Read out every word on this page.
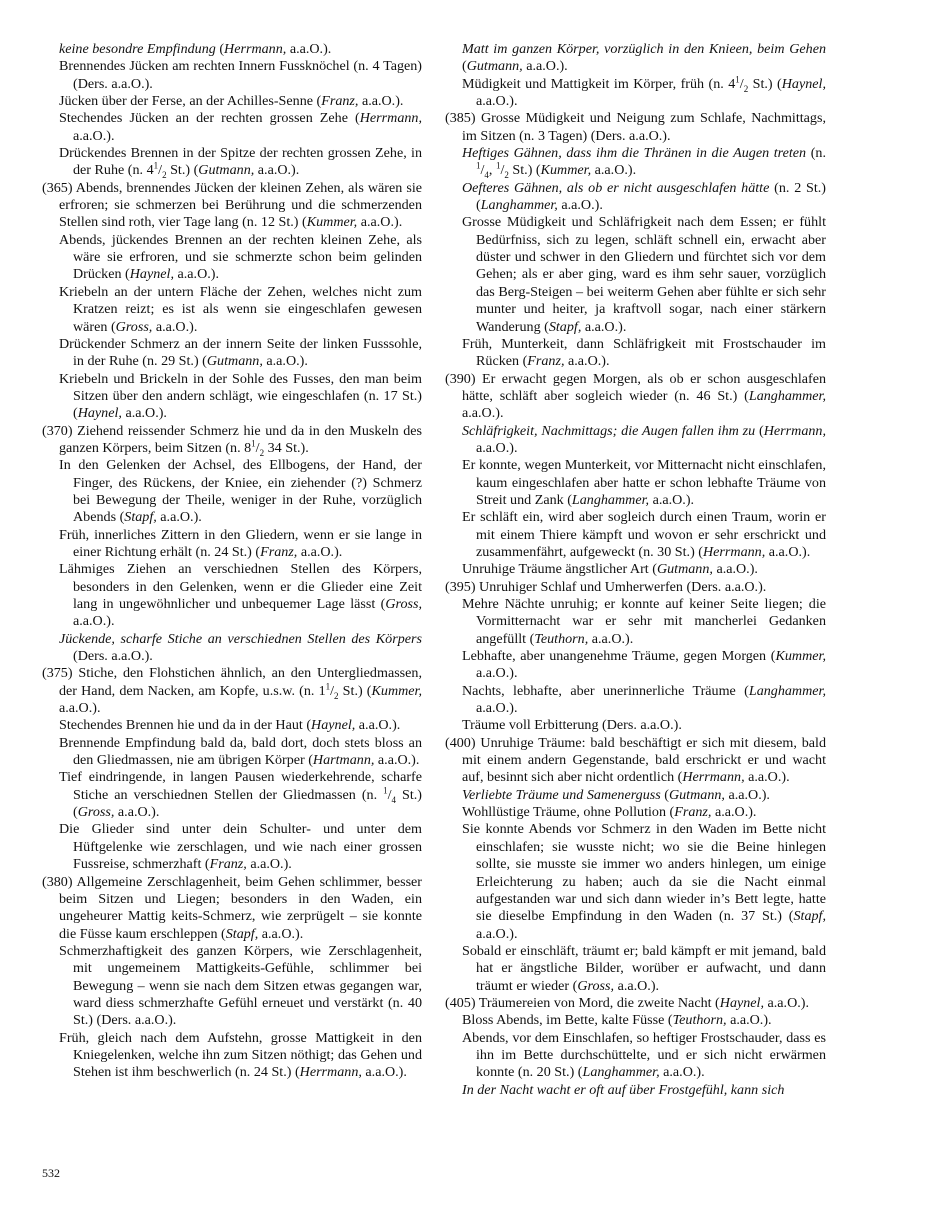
keine besondre Empfindung (Herrmann, a.a.O.).

Brennendes Jücken am rechten Innern Fussknöchel (n. 4 Tagen) (Ders. a.a.O.).

Jücken über der Ferse, an der Achilles-Senne (Franz, a.a.O.).

Stechendes Jücken an der rechten grossen Zehe (Herrmann, a.a.O.).

Drückendes Brennen in der Spitze der rechten grossen Zehe, in der Ruhe (n. $4^1/_2$ St.) (Gutmann, a.a.O.).

(365) Abends, brennendes Jücken der kleinen Zehen, als wären sie erfroren; sie schmerzen bei Berührung und die schmerzenden Stellen sind roth, vier Tage lang (n. 12 St.) (Kummer, a.a.O.).

Abends, jückendes Brennen an der rechten kleinen Zehe, als wäre sie erfroren, und sie schmerzte schon beim gelinden Drücken (Haynel, a.a.O.).

Kriebeln an der untern Fläche der Zehen, welches nicht zum Kratzen reizt; es ist als wenn sie eingeschlafen gewesen wären (Gross, a.a.O.).

Drückender Schmerz an der innern Seite der linken Fusssohle, in der Ruhe (n. 29 St.) (Gutmann, a.a.O.).

Kriebeln und Brickeln in der Sohle des Fusses, den man beim Sitzen über den andern schlägt, wie eingeschlafen (n. 17 St.) (Haynel, a.a.O.).

(370) Ziehend reissender Schmerz hie und da in den Muskeln des ganzen Körpers, beim Sitzen (n. $8^1/_2$ 34 St.).

In den Gelenken der Achsel, des Ellbogens, der Hand, der Finger, des Rückens, der Kniee, ein ziehender (?) Schmerz bei Bewegung der Theile, weniger in der Ruhe, vorzüglich Abends (Stapf, a.a.O.).

Früh, innerliches Zittern in den Gliedern, wenn er sie lange in einer Richtung erhält (n. 24 St.) (Franz, a.a.O.).

Lähmiges Ziehen an verschiednen Stellen des Körpers, besonders in den Gelenken, wenn er die Glieder eine Zeit lang in ungewöhnlicher und unbequemer Lage lässt (Gross, a.a.O.).

Jückende, scharfe Stiche an verschiednen Stellen des Körpers (Ders. a.a.O.).

(375) Stiche, den Flohstichen ähnlich, an den Untergliedmassen, der Hand, dem Nacken, am Kopfe, u.s.w. (n. $1^1/_2$ St.) (Kummer, a.a.O.).

Stechendes Brennen hie und da in der Haut (Haynel, a.a.O.).

Brennende Empfindung bald da, bald dort, doch stets bloss an den Gliedmassen, nie am übrigen Körper (Hartmann, a.a.O.).

Tief eindringende, in langen Pausen wiederkehrende, scharfe Stiche an verschiednen Stellen der Gliedmassen (n. $^1/_4$ St.) (Gross, a.a.O.).

Die Glieder sind unter dein Schulter- und unter dem Hüftgelenke wie zerschlagen, und wie nach einer grossen Fussreise, schmerzhaft (Franz, a.a.O.).

(380) Allgemeine Zerschlagenheit, beim Gehen schlimmer, besser beim Sitzen und Liegen; besonders in den Waden, ein ungeheurer Mattig keits-Schmerz, wie zerprügelt – sie konnte die Füsse kaum erschleppen (Stapf, a.a.O.).

Schmerzhaftigkeit des ganzen Körpers, wie Zerschlagenheit, mit ungemeinem Mattigkeits-Gefühle, schlimmer bei Bewegung – wenn sie nach dem Sitzen etwas gegangen war, ward diess schmerzhafte Gefühl erneuet und verstärkt (n. 40 St.) (Ders. a.a.O.).

Früh, gleich nach dem Aufstehn, grosse Mattigkeit in den Kniegelenken, welche ihn zum Sitzen nöthigt; das Gehen und Stehen ist ihm beschwerlich (n. 24 St.) (Herrmann, a.a.O.).

Matt im ganzen Körper, vorzüglich in den Knieen, beim Gehen (Gutmann, a.a.O.).

Müdigkeit und Mattigkeit im Körper, früh (n. $4^1/_2$ St.) (Haynel, a.a.O.).

(385) Grosse Müdigkeit und Neigung zum Schlafe, Nachmittags, im Sitzen (n. 3 Tagen) (Ders. a.a.O.).

Heftiges Gähnen, dass ihm die Thränen in die Augen treten (n. $^1/_4$, $^1/_2$ St.) (Kummer, a.a.O.).

Oefteres Gähnen, als ob er nicht ausgeschlafen hätte (n. 2 St.) (Langhammer, a.a.O.).

Grosse Müdigkeit und Schläfrigkeit nach dem Essen; er fühlt Bedürfniss, sich zu legen, schläft schnell ein, erwacht aber düster und schwer in den Gliedern und fürchtet sich vor dem Gehen; als er aber ging, ward es ihm sehr sauer, vorzüglich das Berg-Steigen – bei weiterm Gehen aber fühlte er sich sehr munter und heiter, ja kraftvoll sogar, nach einer stärkern Wanderung (Stapf, a.a.O.).

Früh, Munterkeit, dann Schläfrigkeit mit Frostschauder im Rücken (Franz, a.a.O.).

(390) Er erwacht gegen Morgen, als ob er schon ausgeschlafen hätte, schläft aber sogleich wieder (n. 46 St.) (Langhammer, a.a.O.).

Schläfrigkeit, Nachmittags; die Augen fallen ihm zu (Herrmann, a.a.O.).

Er konnte, wegen Munterkeit, vor Mitternacht nicht einschlafen, kaum eingeschlafen aber hatte er schon lebhafte Träume von Streit und Zank (Langhammer, a.a.O.).

Er schläft ein, wird aber sogleich durch einen Traum, worin er mit einem Thiere kämpft und wovon er sehr erschrickt und zusammenfährt, aufgeweckt (n. 30 St.) (Herrmann, a.a.O.).

Unruhige Träume ängstlicher Art (Gutmann, a.a.O.).

(395) Unruhiger Schlaf und Umherwerfen (Ders. a.a.O.).

Mehre Nächte unruhig; er konnte auf keiner Seite liegen; die Vormitternacht war er sehr mit mancherlei Gedanken angefüllt (Teuthorn, a.a.O.).

Lebhafte, aber unangenehme Träume, gegen Morgen (Kummer, a.a.O.).

Nachts, lebhafte, aber unerinnerliche Träume (Langhammer, a.a.O.).

Träume voll Erbitterung (Ders. a.a.O.).

(400) Unruhige Träume: bald beschäftigt er sich mit diesem, bald mit einem andern Gegenstande, bald erschrickt er und wacht auf, besinnt sich aber nicht ordentlich (Herrmann, a.a.O.).

Verliebte Träume und Samenerguss (Gutmann, a.a.O.).

Wohllüstige Träume, ohne Pollution (Franz, a.a.O.).

Sie konnte Abends vor Schmerz in den Waden im Bette nicht einschlafen; sie wusste nicht; wo sie die Beine hinlegen sollte, sie musste sie immer wo anders hinlegen, um einige Erleichterung zu haben; auch da sie die Nacht einmal aufgestanden war und sich dann wieder in’s Bett legte, hatte sie dieselbe Empfindung in den Waden (n. 37 St.) (Stapf, a.a.O.).

Sobald er einschläft, träumt er; bald kämpft er mit jemand, bald hat er ängstliche Bilder, worüber er aufwacht, und dann träumt er wieder (Gross, a.a.O.).

(405) Träumereien von Mord, die zweite Nacht (Haynel, a.a.O.).

Bloss Abends, im Bette, kalte Füsse (Teuthorn, a.a.O.).

Abends, vor dem Einschlafen, so heftiger Frostschauder, dass es ihn im Bette durchschüttelte, und er sich nicht erwärmen konnte (n. 20 St.) (Langhammer, a.a.O.).

In der Nacht wacht er oft auf über Frostgefühl, kann sich

532
